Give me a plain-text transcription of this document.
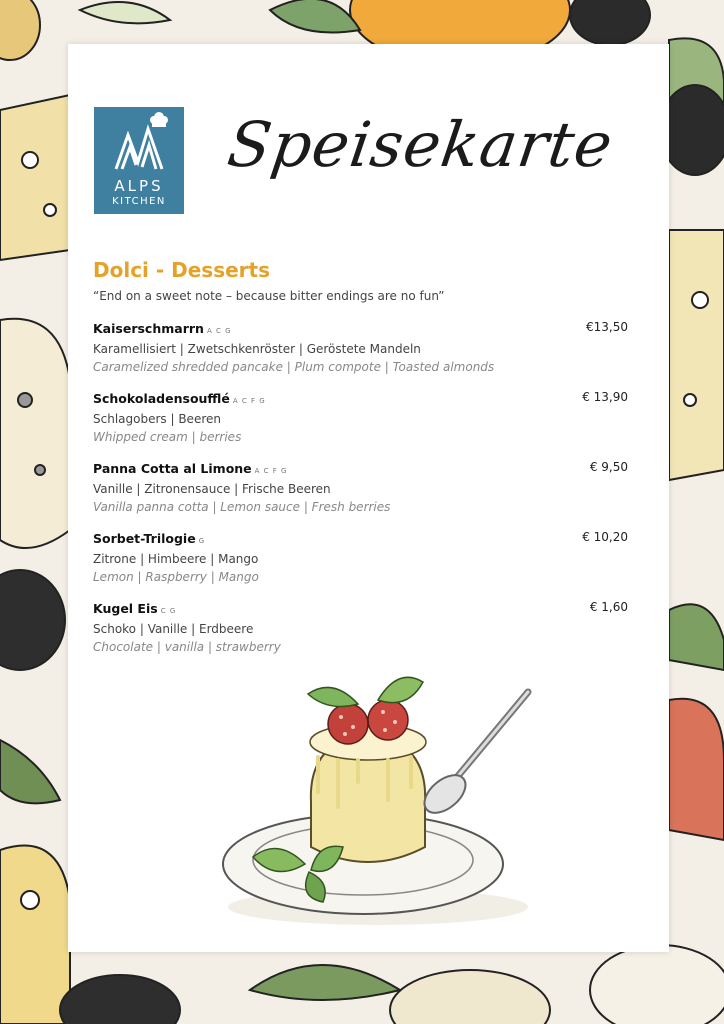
ALPS
KITCHEN
Speisekarte
Dolci - Desserts
“End on a sweet note – because bitter endings are no fun”
Kaiserschmarrn A C G
Karamellisiert | Zwetschkenröster | Geröstete Mandeln
Caramelized shredded pancake | Plum compote | Toasted almonds
€13,50
Schokoladensoufflé A C F G
Schlagobers | Beeren
Whipped cream | berries
€ 13,90
Panna Cotta al Limone A C F G
Vanille | Zitronensauce | Frische Beeren
Vanilla panna cotta | Lemon sauce | Fresh berries
€ 9,50
Sorbet-Trilogie G
Zitrone | Himbeere | Mango
Lemon | Raspberry | Mango
€ 10,20
Kugel Eis C G
Schoko | Vanille | Erdbeere
Chocolate | vanilla | strawberry
€ 1,60
